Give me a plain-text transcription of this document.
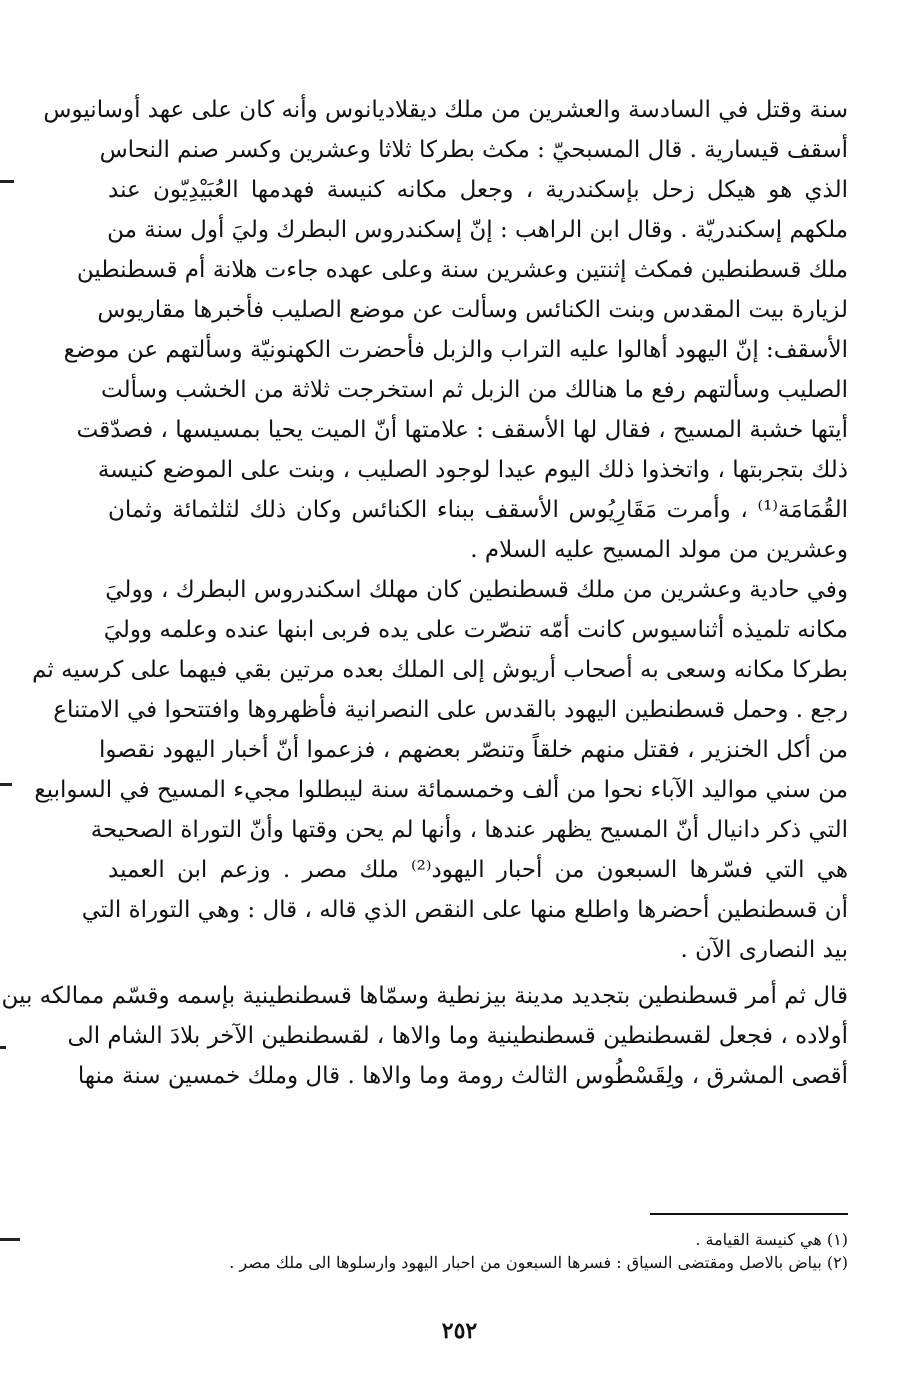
سنة وقتل في السادسة والعشرين من ملك ديقلاديانوس وأنه كان على عهد أوسانيوس
أسقف قيسارية . قال المسبحيّ : مكث بطركا ثلاثا وعشرين وكسر صنم النحاس
الذي هو هيكل زحل بإسكندرية ، وجعل مكانه كنيسة فهدمها العُبَيْدِيّون عند
ملكهم إسكندريّة . وقال ابن الراهب : إنّ إسكندروس البطرك وليَ أول سنة من
ملك قسطنطين فمكث إثنتين وعشرين سنة وعلى عهده جاءت هلانة أم قسطنطين
لزيارة بيت المقدس وبنت الكنائس وسألت عن موضع الصليب فأخبرها مقاريوس
الأسقف: إنّ اليهود أهالوا عليه التراب والزبل فأحضرت الكهنونيّة وسألتهم عن موضع
الصليب وسألتهم رفع ما هنالك من الزبل ثم استخرجت ثلاثة من الخشب وسألت
أيتها خشبة المسيح ، فقال لها الأسقف : علامتها أنّ الميت يحيا بمسيسها ، فصدّقت
ذلك بتجربتها ، واتخذوا ذلك اليوم عيدا لوجود الصليب ، وبنت على الموضع كنيسة
القُمَامَة⁽¹⁾ ، وأمرت مَقَارِيُوس الأسقف ببناء الكنائس وكان ذلك لثلثمائة وثمان
وعشرين من مولد المسيح عليه السلام .
وفي حادية وعشرين من ملك قسطنطين كان مهلك اسكندروس البطرك ، ووليَ
مكانه تلميذه أثناسيوس كانت أمّه تنصّرت على يده فربى ابنها عنده وعلمه ووليَ
بطركا مكانه وسعى به أصحاب أريوش إلى الملك بعده مرتين بقي فيهما على كرسيه ثم
رجع . وحمل قسطنطين اليهود بالقدس على النصرانية فأظهروها وافتتحوا في الامتناع
من أكل الخنزير ، فقتل منهم خلقاً وتنصّر بعضهم ، فزعموا أنّ أخبار اليهود نقصوا
من سني مواليد الآباء نحوا من ألف وخمسمائة سنة ليبطلوا مجيء المسيح في السوابيع
التي ذكر دانيال أنّ المسيح يظهر عندها ، وأنها لم يحن وقتها وأنّ التوراة الصحيحة
هي التي فسّرها السبعون من أحبار اليهود⁽²⁾ ملك مصر . وزعم ابن العميد
أن قسطنطين أحضرها واطلع منها على النقص الذي قاله ، قال : وهي التوراة التي
بيد النصارى الآن .
قال ثم أمر قسطنطين بتجديد مدينة بيزنطية وسمّاها قسطنطينية بإسمه وقسّم ممالكه بين
أولاده ، فجعل لقسطنطين قسطنطينية وما والاها ، لقسطنطين الآخر بلادَ الشام الى
أقصى المشرق ، ولِقَسْطُوس الثالث رومة وما والاها . قال وملك خمسين سنة منها
(١) هي كنيسة القيامة .
(٢) بياض بالاصل ومقتضى السياق : فسرها السبعون من احبار اليهود وارسلوها الى ملك مصر .
٢٥٢
